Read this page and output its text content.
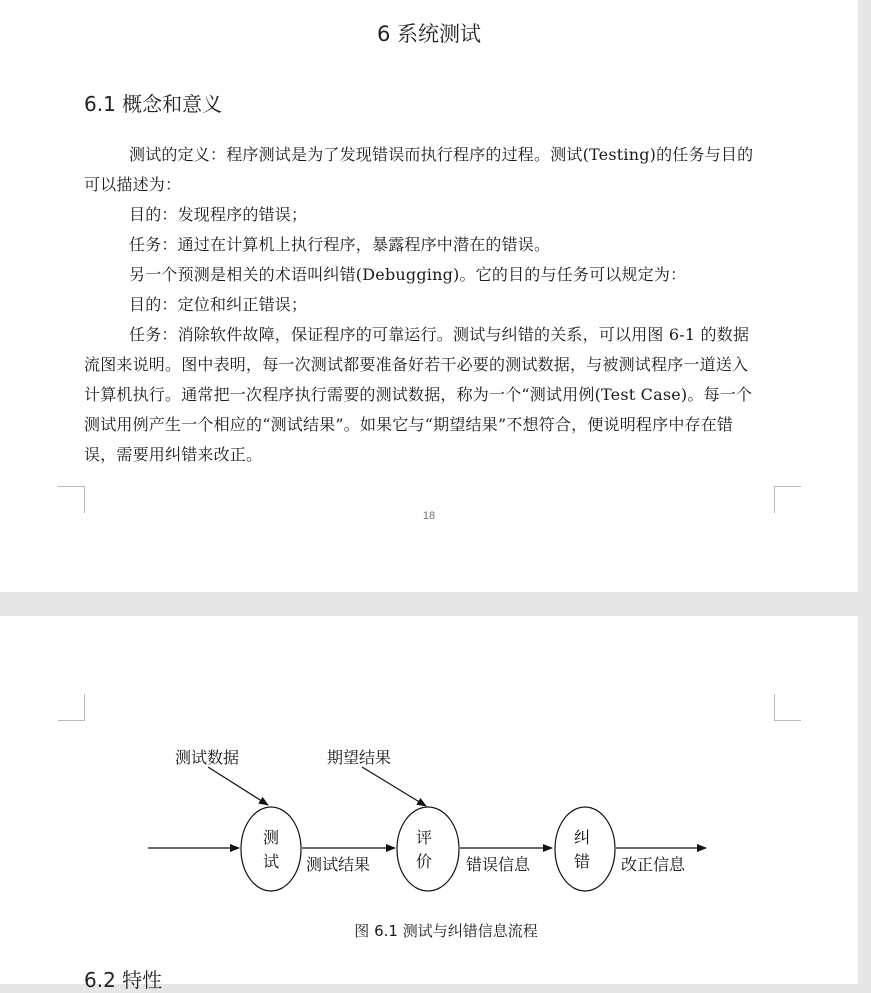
6 系统测试
6.1 概念和意义

测试的定义：程序测试是为了发现错误而执行程序的过程。测试(Testing)的任务与目的可以描述为：

目的：发现程序的错误；

任务：通过在计算机上执行程序，暴露程序中潜在的错误。

另一个预测是相关的术语叫纠错(Debugging)。它的目的与任务可以规定为：

目的：定位和纠正错误；

任务：消除软件故障，保证程序的可靠运行。测试与纠错的关系，可以用图 6-1 的数据流图来说明。图中表明，每一次测试都要准备好若干必要的测试数据，与被测试程序一道送入计算机执行。通常把一次程序执行需要的测试数据，称为一个“测试用例(Test Case)。每一个测试用例产生一个相应的“测试结果”。如果它与“期望结果”不想符合，便说明程序中存在错误，需要用纠错来改正。

18
测试数据	期望结果
测
试 测试结果
评
价 错误信息
纠
错 改正信息
图 6.1 测试与纠错信息流程
6.2 特性
